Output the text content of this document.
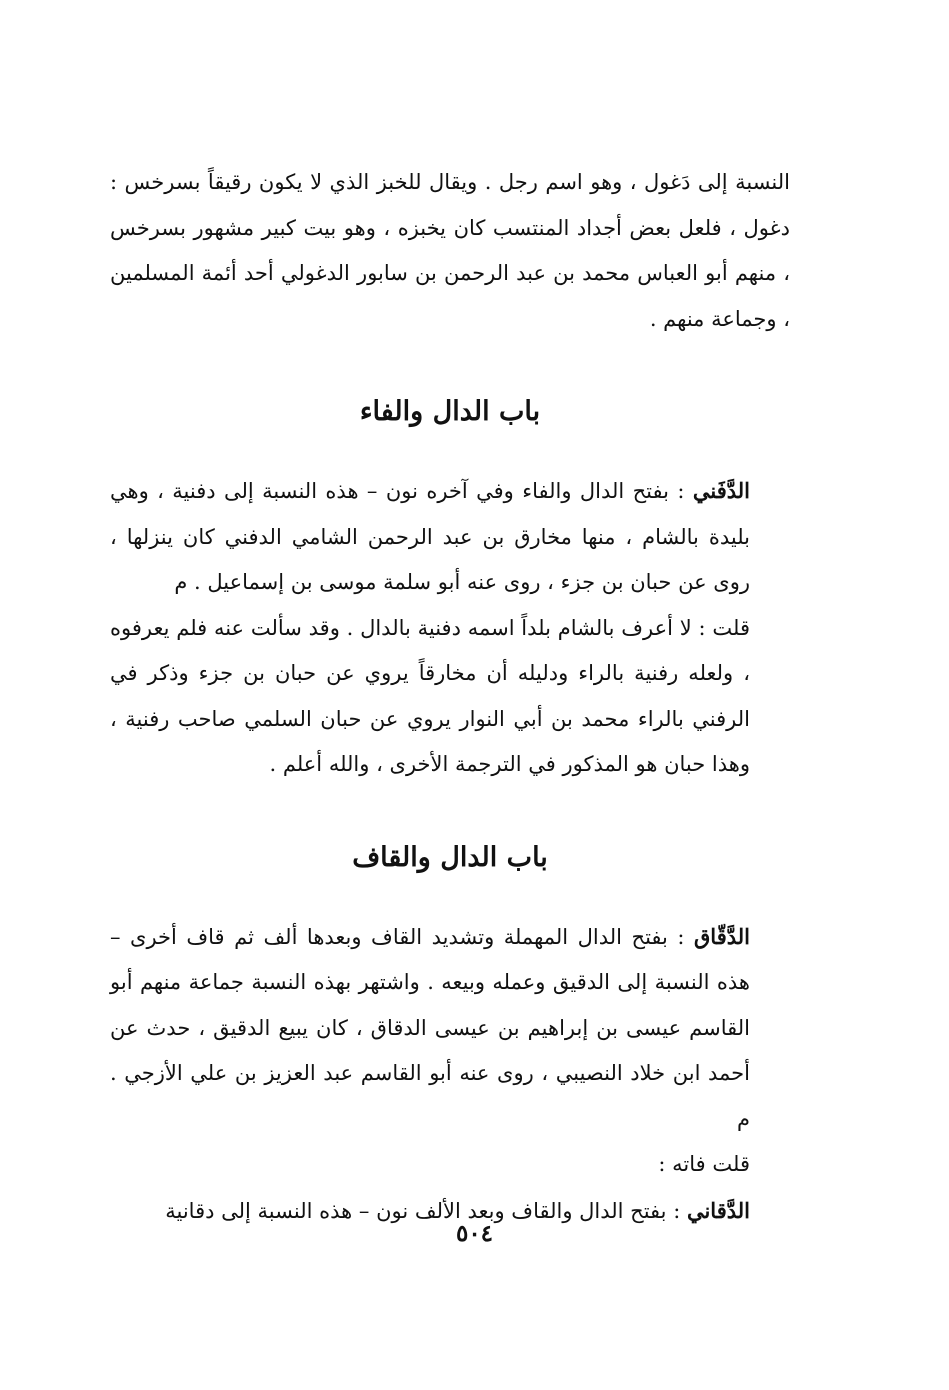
النسبة إلى دَغول ، وهو اسم رجل . ويقال للخبز الذي لا يكون رقيقاً بسرخس : دغول ، فلعل بعض أجداد المنتسب كان يخبزه ، وهو بيت كبير مشهور بسرخس ، منهم أبو العباس محمد بن عبد الرحمن بن سابور الدغولي أحد أئمة المسلمين ، وجماعة منهم .

باب الدال والفاء

الدَّفَني : بفتح الدال والفاء وفي آخره نون – هذه النسبة إلى دفنية ، وهي بليدة بالشام ، منها مخارق بن عبد الرحمن الشامي الدفني كان ينزلها ، روى عن حبان بن جزء ، روى عنه أبو سلمة موسى بن إسماعيل . م

قلت : لا أعرف بالشام بلداً اسمه دفنية بالدال . وقد سألت عنه فلم يعرفوه ، ولعله رفنية بالراء ودليله أن مخارقاً يروي عن حبان بن جزء وذكر في الرفني بالراء محمد بن أبي النوار يروي عن حبان السلمي صاحب رفنية ، وهذا حبان هو المذكور في الترجمة الأخرى ، والله أعلم .

باب الدال والقاف

الدَّقّاق : بفتح الدال المهملة وتشديد القاف وبعدها ألف ثم قاف أخرى – هذه النسبة إلى الدقيق وعمله وبيعه . واشتهر بهذه النسبة جماعة منهم أبو القاسم عيسى بن إبراهيم بن عيسى الدقاق ، كان يبيع الدقيق ، حدث عن أحمد ابن خلاد النصيبي ، روى عنه أبو القاسم عبد العزيز بن علي الأزجي . م

قلت فاته :

الدَّقاني : بفتح الدال والقاف وبعد الألف نون – هذه النسبة إلى دقانية

٥٠٤
